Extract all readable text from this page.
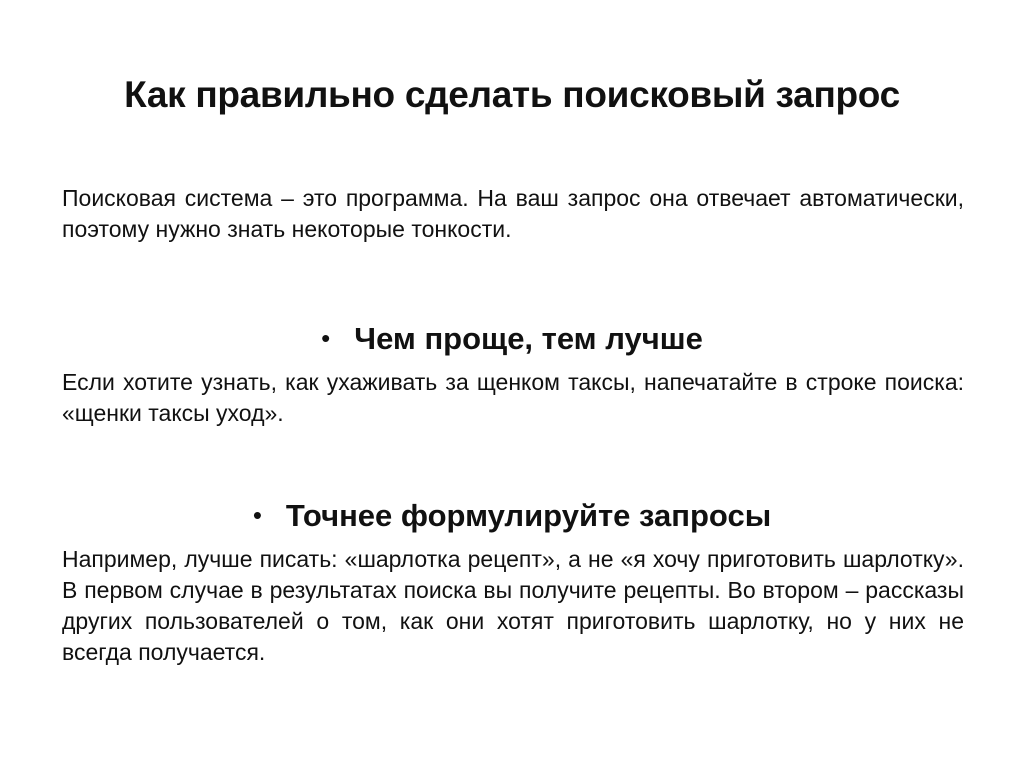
Как правильно сделать поисковый запрос

Поисковая система – это программа. На ваш запрос она отвечает автоматически, поэтому нужно знать некоторые тонкости.

• Чем проще, тем лучше

Если хотите узнать, как ухаживать за щенком таксы, напечатайте в строке поиска: «щенки таксы уход».

• Точнее формулируйте запросы

Например, лучше писать: «шарлотка рецепт», а не «я хочу приготовить шарлотку». В первом случае в результатах поиска вы получите рецепты. Во втором – рассказы других пользователей о том, как они хотят приготовить шарлотку, но у них не всегда получается.
